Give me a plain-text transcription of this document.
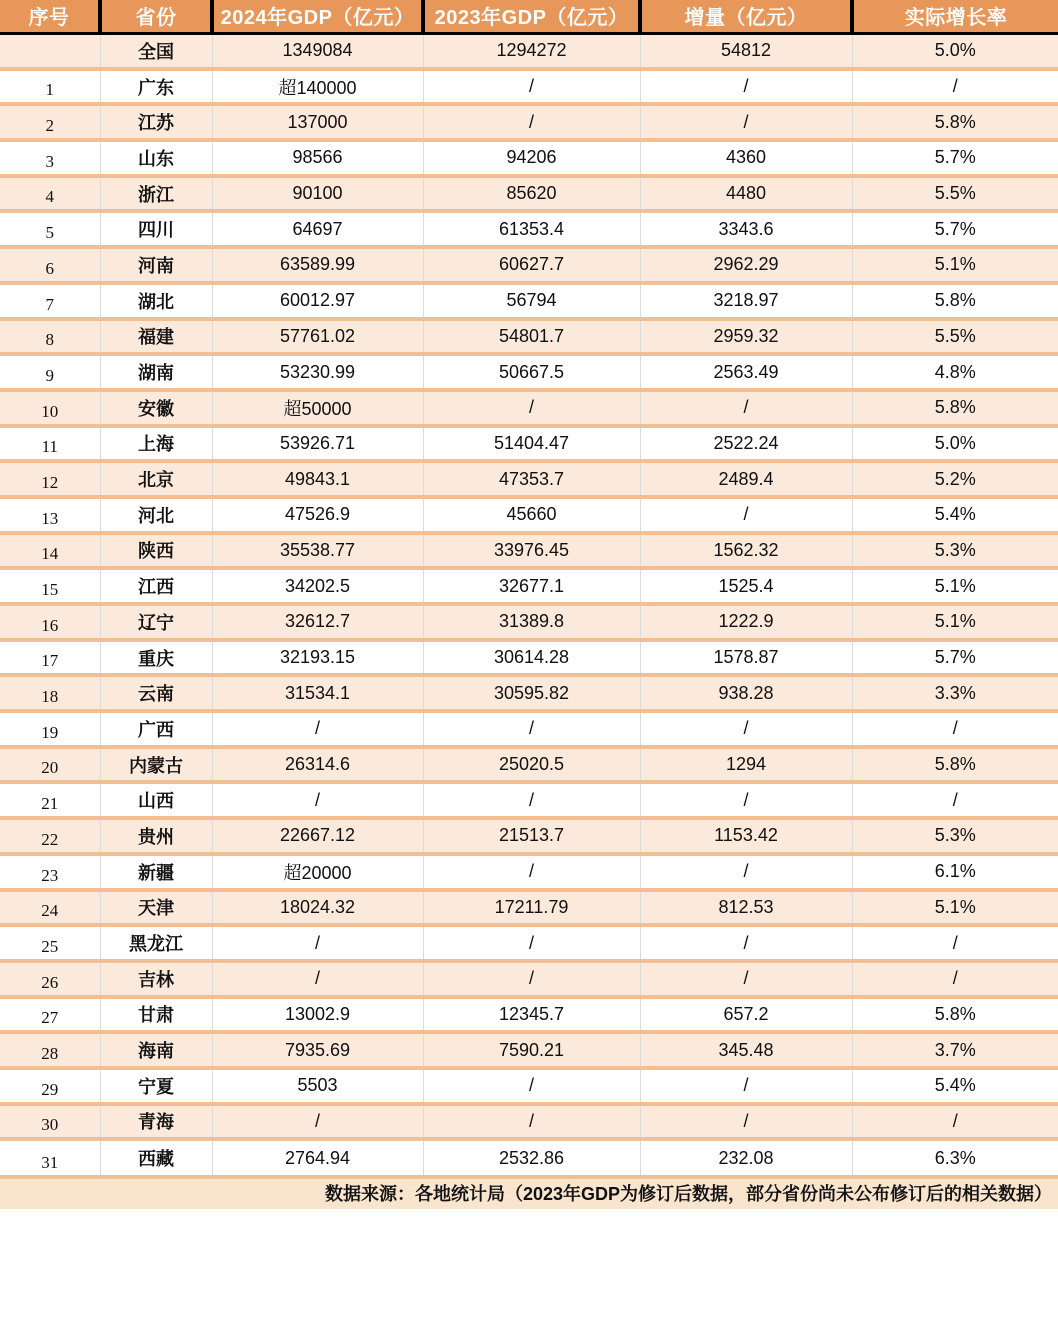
序号	省份	2024年GDP（亿元）	2023年GDP（亿元）	增量（亿元）	实际增长率
	全国	1349084	1294272	54812	5.0%
1	广东	超140000	/	/	/
2	江苏	137000	/	/	5.8%
3	山东	98566	94206	4360	5.7%
4	浙江	90100	85620	4480	5.5%
5	四川	64697	61353.4	3343.6	5.7%
6	河南	63589.99	60627.7	2962.29	5.1%
7	湖北	60012.97	56794	3218.97	5.8%
8	福建	57761.02	54801.7	2959.32	5.5%
9	湖南	53230.99	50667.5	2563.49	4.8%
10	安徽	超50000	/	/	5.8%
11	上海	53926.71	51404.47	2522.24	5.0%
12	北京	49843.1	47353.7	2489.4	5.2%
13	河北	47526.9	45660	/	5.4%
14	陕西	35538.77	33976.45	1562.32	5.3%
15	江西	34202.5	32677.1	1525.4	5.1%
16	辽宁	32612.7	31389.8	1222.9	5.1%
17	重庆	32193.15	30614.28	1578.87	5.7%
18	云南	31534.1	30595.82	938.28	3.3%
19	广西	/	/	/	/
20	内蒙古	26314.6	25020.5	1294	5.8%
21	山西	/	/	/	/
22	贵州	22667.12	21513.7	1153.42	5.3%
23	新疆	超20000	/	/	6.1%
24	天津	18024.32	17211.79	812.53	5.1%
25	黑龙江	/	/	/	/
26	吉林	/	/	/	/
27	甘肃	13002.9	12345.7	657.2	5.8%
28	海南	7935.69	7590.21	345.48	3.7%
29	宁夏	5503	/	/	5.4%
30	青海	/	/	/	/
31	西藏	2764.94	2532.86	232.08	6.3%
数据来源：各地统计局（2023年GDP为修订后数据，部分省份尚未公布修订后的相关数据）
